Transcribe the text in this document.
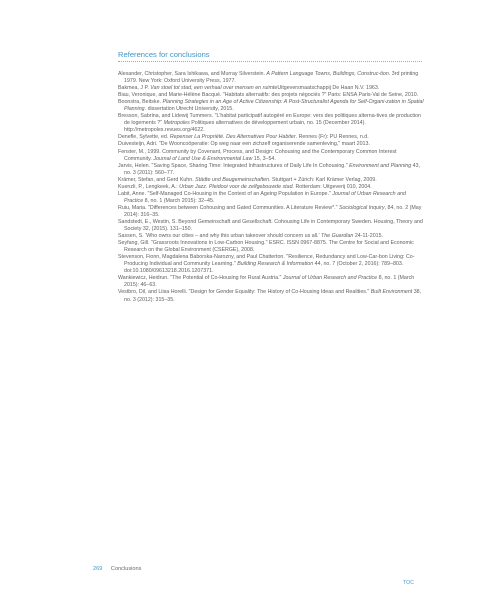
References for conclusions
Alexander, Christopher, Sara Ishikawa, and Murray Silverstein. A Pattern Language Towns, Buildings, Construc-tion. 3rd printing 1979. New York: Oxford University Press, 1977.
Bakmea, J P. Van stoel tot stad, een verhaal over mensen en ruimteUitgeversmaatschappij De Haan N.V. 1963.
Biau, Veronique, and Marie-Hélène Bacqué. "Habitats alternatifs: des projets négociés ?" Paris: ENSA Paris-Val de Seine, 2010.
Boonstra, Beitske. Planning Strategies in an Age of Active Citizenship: A Post-Structuralist Agenda for Self-Organi-zation in Spatial Planning. dissertation Utrecht University, 2015.
Bresson, Sabrina, and Lidewij Tummers. "L'habitat participatif autogéré en Europe: vers des politiques alterna-tives de production de logements ?" Metropoles Politiques alternatives de développement urbain, no. 15 (December 2014). http://metropoles.revues.org/4622.
Denefle, Sylvette, ed. Repenser La Propriété. Des Alternatives Pour Habiter. Rennes (Fr): PU Rennes, n.d.
Duivesteijn, Adri. "De Wooncoöperatie: Op weg naar een zichzelf organiserende samenleving," maart 2013.
Fenster, M., 1999. Community by Covenant, Process, and Design: Cohousing and the Contemporary Common Interest Community. Journal of Land Use & Environmental Law 15, 3–54.
Jarvis, Helen. "Saving Space, Sharing Time: Integrated Infrastructures of Daily Life In Cohousing." Environment and Planning 43, no. 3 (2011): 560–77.
Krämer, Stefan, and Gerd Kuhn. Städte und Baugemeinschaften. Stuttgart + Zürich: Karl Krämer Verlag, 2009.
Kuenzli, P., Lengkeek, A.: Urban Jazz. Pleidooi voor de zelfgebouwde stad. Rotterdam: Uitgeverij 010, 2004.
Labit, Anne. "Self-Managed Co-Housing in the Context of an Ageing Population in Europe." Journal of Urban Research and Practice 8, no. 1 (March 2015): 32–45.
Ruiu, Maria. "Differences between Cohousing and Gated Communities. A Literature Review*." Sociological Inquiry, 84, no. 2 (May 2014): 316–35.
Sandstedt, E., Westin, S. Beyond Gemeinschaft and Gesellschaft. Cohousing Life in Contemporary Sweden. Housing, Theory and Society 32, (2015). 131–150.
Sassen, S. ‘Who owns our cities – and why this urban takeover should concern us all.’ The Guardian 24-11-2015.
Seyfang, Gill. "Grassroots Innovations in Low-Carbon Housing." ESRC. ISSN 0967-8875. The Centre for Social and Economic Research on the Global Environment (CSERGE), 2008.
Stevenson, Fionn, Magdalena Baborska-Narozny, and Paul Chatterton. "Resilience, Redundancy and Low-Car-bon Living: Co-Producing Individual and Community Learning." Building Research & Information 44, no. 7 (October 2, 2016): 789–803. doi:10.1080/09613218.2016.1207371.
Wankiewicz, Heidrun. "The Potential of Co-Housing for Rural Austria." Journal of Urban Research and Practice 8, no. 1 (March 2015): 46–63.
Vestbro, Dil, and Liisa Horelli. "Design for Gender Equality: The History of Co-Housing Ideas and Realities." Built Environment 38, no. 3 (2012): 315–35.
269 Conclusions
TOC
